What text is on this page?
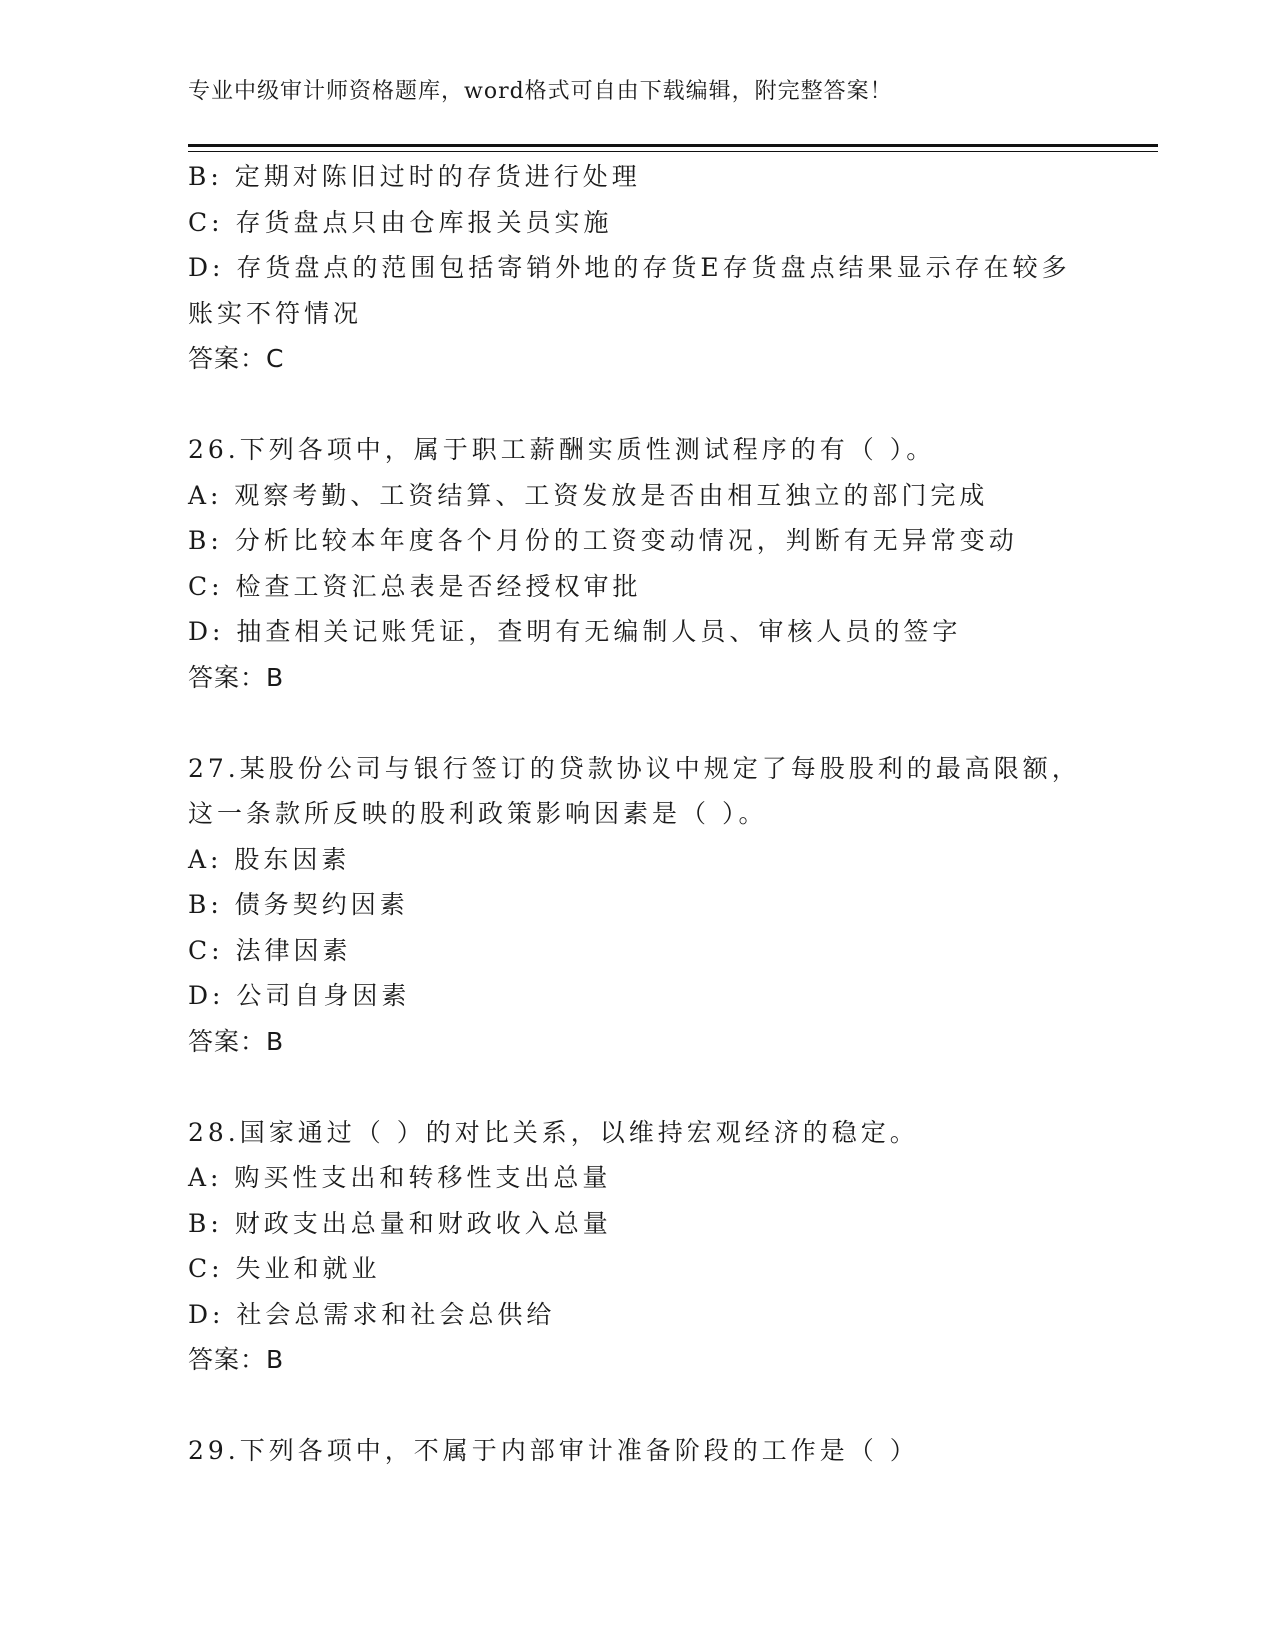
专业中级审计师资格题库，word格式可自由下载编辑，附完整答案！
B: 定期对陈旧过时的存货进行处理
C: 存货盘点只由仓库报关员实施
D: 存货盘点的范围包括寄销外地的存货E存货盘点结果显示存在较多
账实不符情况
答案：C
26.下列各项中，属于职工薪酬实质性测试程序的有（ ）。
A: 观察考勤、工资结算、工资发放是否由相互独立的部门完成
B: 分析比较本年度各个月份的工资变动情况，判断有无异常变动
C: 检查工资汇总表是否经授权审批
D: 抽查相关记账凭证，查明有无编制人员、审核人员的签字
答案：B
27.某股份公司与银行签订的贷款协议中规定了每股股利的最高限额，
这一条款所反映的股利政策影响因素是（ ）。
A: 股东因素
B: 债务契约因素
C: 法律因素
D: 公司自身因素
答案：B
28.国家通过（ ）的对比关系，以维持宏观经济的稳定。
A: 购买性支出和转移性支出总量
B: 财政支出总量和财政收入总量
C: 失业和就业
D: 社会总需求和社会总供给
答案：B
29.下列各项中，不属于内部审计准备阶段的工作是（ ）
